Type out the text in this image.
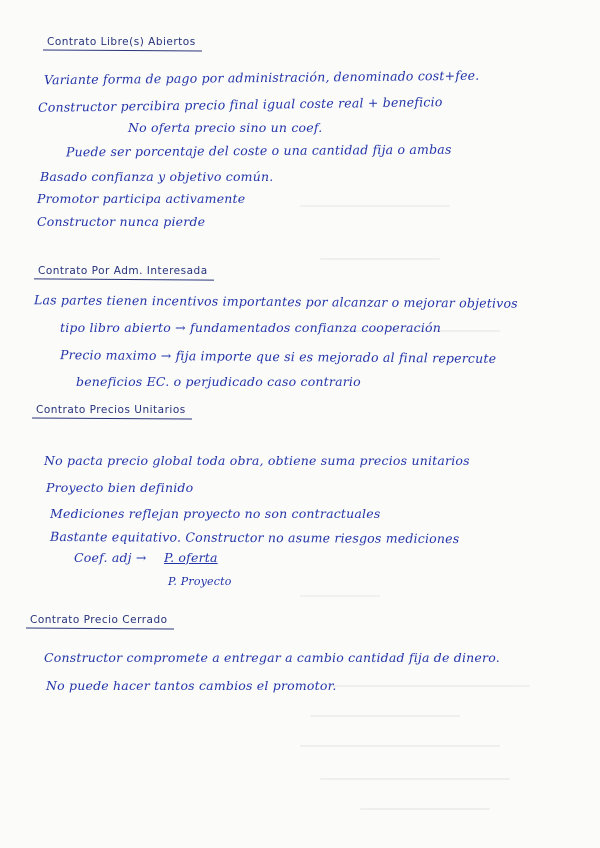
Contrato Libre(s) Abiertos
Variante forma de pago por administración, denominado cost+fee.
Constructor percibira precio final igual coste real + beneficio
No oferta precio sino un coef.
Puede ser porcentaje del coste o una cantidad fija o ambas
Basado confianza y objetivo común.
Promotor participa activamente
Constructor nunca pierde
Contrato Por Adm. Interesada
Las partes tienen incentivos importantes por alcanzar o mejorar objetivos
tipo libro abierto → fundamentados confianza cooperación
Precio maximo → fija importe que si es mejorado al final repercute
beneficios EC. o perjudicado caso contrario
Contrato Precios Unitarios
No pacta precio global toda obra, obtiene suma precios unitarios
Proyecto bien definido
Mediciones reflejan proyecto no son contractuales
Bastante equitativo. Constructor no asume riesgos mediciones
Coef. adj → P. oferta
P. Proyecto
Contrato Precio Cerrado
Constructor compromete a entregar a cambio cantidad fija de dinero.
No puede hacer tantos cambios el promotor.
